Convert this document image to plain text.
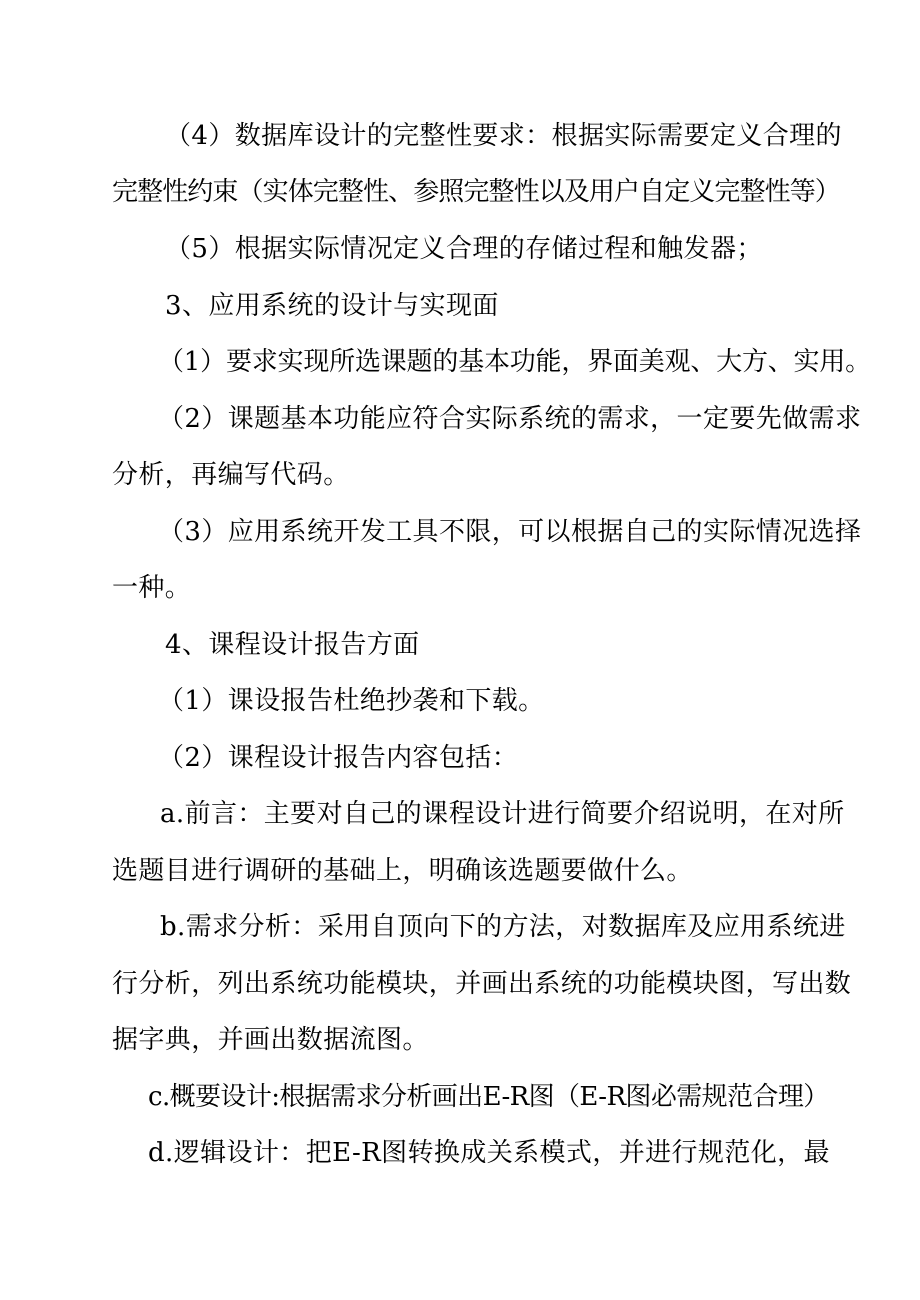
（4）数据库设计的完整性要求：根据实际需要定义合理的
完整性约束（实体完整性、参照完整性以及用户自定义完整性等）
（5）根据实际情况定义合理的存储过程和触发器；
3、应用系统的设计与实现面
（1）要求实现所选课题的基本功能，界面美观、大方、实用。
（2）课题基本功能应符合实际系统的需求，一定要先做需求
分析，再编写代码。
（3）应用系统开发工具不限，可以根据自己的实际情况选择
一种。
4、课程设计报告方面
（1）课设报告杜绝抄袭和下载。
（2）课程设计报告内容包括：
a.前言：主要对自己的课程设计进行简要介绍说明，在对所
选题目进行调研的基础上，明确该选题要做什么。
b.需求分析：采用自顶向下的方法，对数据库及应用系统进
行分析，列出系统功能模块，并画出系统的功能模块图，写出数
据字典，并画出数据流图。
c.概要设计:根据需求分析画出E-R图（E-R图必需规范合理）
d.逻辑设计：把E-R图转换成关系模式，并进行规范化，最
